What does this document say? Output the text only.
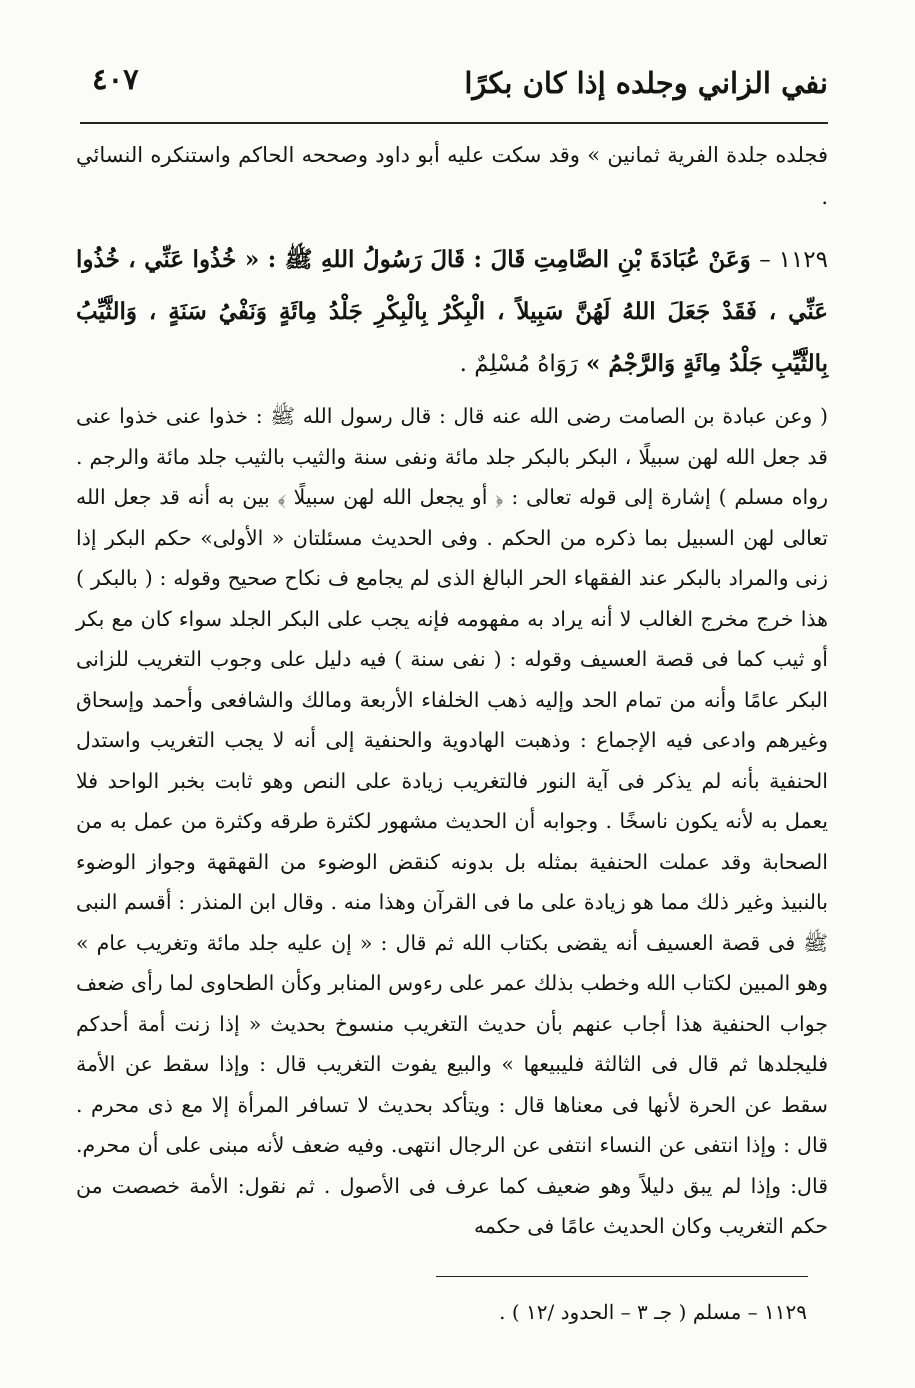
نفي الزاني وجلده إذا كان بكرًا
٤٠٧

فجلده جلدة الفرية ثمانين » وقد سكت عليه أبو داود وصححه الحاكم واستنكره النسائي .

١١٢٩ – وَعَنْ عُبَادَةَ بْنِ الصَّامِتِ قَالَ : قَالَ رَسُولُ اللهِ ﷺ : « خُذُوا عَنِّي ، خُذُوا عَنِّي ، فَقَدْ جَعَلَ اللهُ لَهُنَّ سَبِيلاً ، الْبِكْرُ بِالْبِكْرِ جَلْدُ مِائَةٍ وَنَفْيُ سَنَةٍ ، وَالثَّيِّبُ بِالثَّيِّبِ جَلْدُ مِائَةٍ وَالرَّجْمُ » رَوَاهُ مُسْلِمٌ .

( وعن عبادة بن الصامت رضى الله عنه قال : قال رسول الله ﷺ : خذوا عنى خذوا عنى قد جعل الله لهن سبيلًا ، البكر بالبكر جلد مائة ونفى سنة والثيب بالثيب جلد مائة والرجم . رواه مسلم ) إشارة إلى قوله تعالى : ﴿ أو يجعل الله لهن سبيلًا ﴾ بين به أنه قد جعل الله تعالى لهن السبيل بما ذكره من الحكم . وفى الحديث مسئلتان « الأولى» حكم البكر إذا زنى والمراد بالبكر عند الفقهاء الحر البالغ الذى لم يجامع ف نكاح صحيح وقوله : ( بالبكر ) هذا خرج مخرج الغالب لا أنه يراد به مفهومه فإنه يجب على البكر الجلد سواء كان مع بكر أو ثيب كما فى قصة العسيف وقوله : ( نفى سنة ) فيه دليل على وجوب التغريب للزانى البكر عامًا وأنه من تمام الحد وإليه ذهب الخلفاء الأربعة ومالك والشافعى وأحمد وإسحاق وغيرهم وادعى فيه الإجماع : وذهبت الهادوية والحنفية إلى أنه لا يجب التغريب واستدل الحنفية بأنه لم يذكر فى آية النور فالتغريب زيادة على النص وهو ثابت بخبر الواحد فلا يعمل به لأنه يكون ناسخًا . وجوابه أن الحديث مشهور لكثرة طرقه وكثرة من عمل به من الصحابة وقد عملت الحنفية بمثله بل بدونه كنقض الوضوء من القهقهة وجواز الوضوء بالنبيذ وغير ذلك مما هو زيادة على ما فى القرآن وهذا منه . وقال ابن المنذر : أقسم النبى ﷺ فى قصة العسيف أنه يقضى بكتاب الله ثم قال : « إن عليه جلد مائة وتغريب عام » وهو المبين لكتاب الله وخطب بذلك عمر على رءوس المنابر وكأن الطحاوى لما رأى ضعف جواب الحنفية هذا أجاب عنهم بأن حديث التغريب منسوخ بحديث « إذا زنت أمة أحدكم فليجلدها ثم قال فى الثالثة فليبيعها » والبيع يفوت التغريب قال : وإذا سقط عن الأمة سقط عن الحرة لأنها فى معناها قال : ويتأكد بحديث لا تسافر المرأة إلا مع ذى محرم . قال : وإذا انتفى عن النساء انتفى عن الرجال انتهى. وفيه ضعف لأنه مبنى على أن محرم. قال: وإذا لم يبق دليلاً وهو ضعيف كما عرف فى الأصول . ثم نقول: الأمة خصصت من حكم التغريب وكان الحديث عامًا فى حكمه

١١٢٩ – مسلم ( جـ ٣ – الحدود /١٢ ) .
